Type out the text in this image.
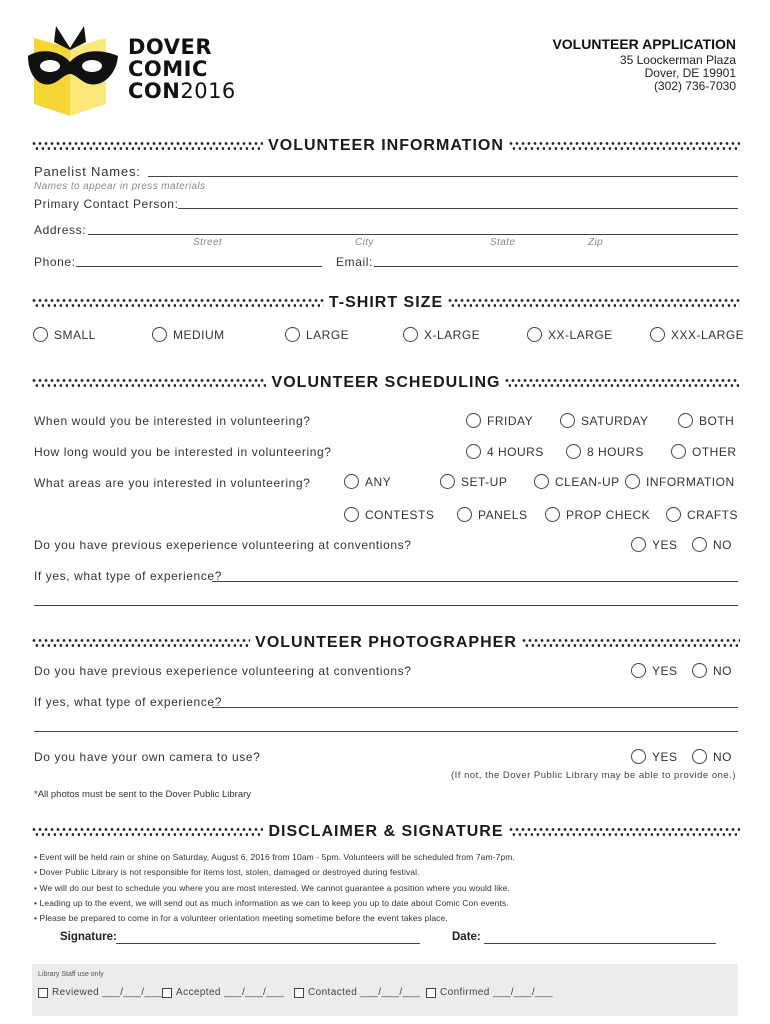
DOVER
COMIC
CON2016
VOLUNTEER APPLICATION
35 Loockerman Plaza
Dover, DE 19901
(302) 736-7030
VOLUNTEER INFORMATION
Panelist Names:
Names to appear in press materials
Primary Contact Person:
Address:
Street	City	State	Zip
Phone:	Email:
T-SHIRT SIZE
SMALL	MEDIUM	LARGE	X-LARGE	XX-LARGE	XXX-LARGE
VOLUNTEER SCHEDULING
When would you be interested in volunteering?	FRIDAY	SATURDAY	BOTH
How long would you be interested in volunteering?	4 HOURS	8 HOURS	OTHER
What areas are you interested in volunteering?	ANY	SET-UP	CLEAN-UP INFORMATION
CONTESTS	PANELS	PROP CHECK	CRAFTS
Do you have previous exeperience volunteering at conventions?	YES	NO
If yes, what type of experience?
VOLUNTEER PHOTOGRAPHER
Do you have previous exeperience volunteering at conventions?	YES	NO
If yes, what type of experience?
Do you have your own camera to use?	YES	NO
(If not, the Dover Public Library may be able to provide one.)
*All photos must be sent to the Dover Public Library
DISCLAIMER & SIGNATURE
• Event will be held rain or shine on Saturday, August 6, 2016 from 10am - 5pm. Volunteers will be scheduled from 7am-7pm.
• Dover Public Library is not responsible for items lost, stolen, damaged or destroyed during festival.
• We will do our best to schedule you where you are most interested. We cannot guarantee a position where you would like.
• Leading up to the event, we will send out as much information as we can to keep you up to date about Comic Con events.
• Please be prepared to come in for a volunteer orientation meeting sometime before the event takes place.
Signature:	Date:
Library Staff use only
Reviewed
___/___/___ Accepted
___/___/___ Contacted
___/___/___ Confirmed
___/___/___
